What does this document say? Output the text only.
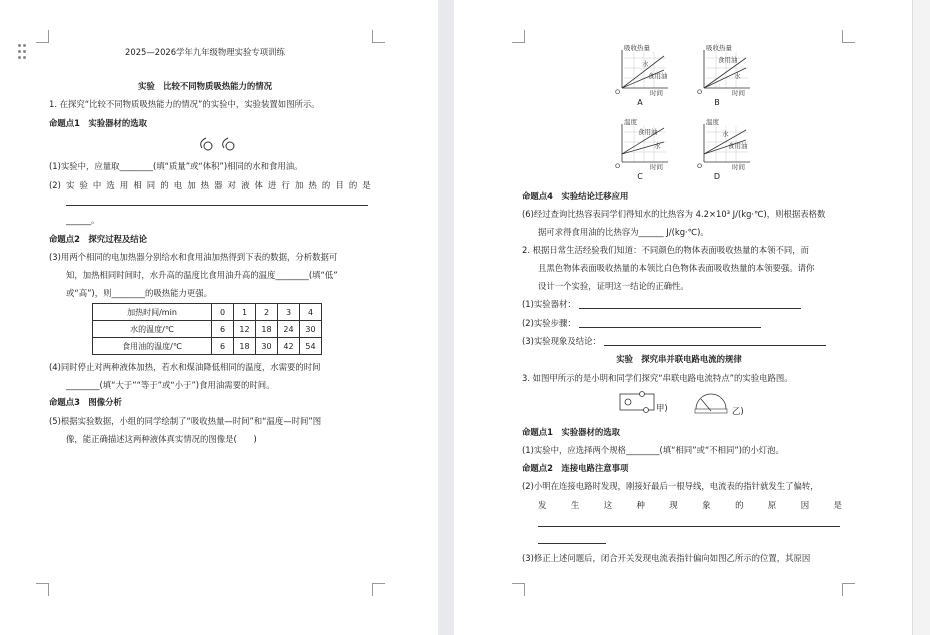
2025—2026学年九年级物理实验专项训练
实验　比较不同物质吸热能力的情况
1. 在探究“比较不同物质吸热能力的情况”的实验中，实验装置如图所示。
命题点1　实验器材的选取
(1)实验中，应量取________(填“质量”或“体积”)相同的水和食用油。
(2) 实 验 中 选 用 相 同 的 电 加 热 器 对 液 体 进 行 加 热 的 目 的 是
______。
命题点2　探究过程及结论
(3)用两个相同的电加热器分别给水和食用油加热得到下表的数据，分析数据可
知，加热相同时间时，水升高的温度比食用油升高的温度________(填“低”
或“高”)，则________的吸热能力更强。
加热时间/min	0	1	2	3	4
水的温度/℃	6	12	18	24	30
食用油的温度/℃	6	18	30	42	54
(4)同时停止对两种液体加热，若水和煤油降低相同的温度，水需要的时间
________(填“大于”“等于”或“小于”)食用油需要的时间。
命题点3　图像分析
(5)根据实验数据，小组的同学绘制了“吸收热量—时间”和“温度—时间”图
像，能正确描述这两种液体真实情况的图像是(　　)
吸收热量
O	时间
水
食用油
A
吸收热量
O	时间
食用油
水
B
温度
O	时间
食用油
水
C
温度
O	时间
水
食用油
D
命题点4　实验结论迁移应用
(6)经过查询比热容表同学们得知水的比热容为 4.2×10³ J/(kg·℃)，则根据表格数
据可求得食用油的比热容为______ J/(kg·℃)。
2. 根据日常生活经验我们知道：不同颜色的物体表面吸收热量的本领不同，而
且黑色物体表面吸收热量的本领比白色物体表面吸收热量的本领要强。请你
设计一个实验，证明这一结论的正确性。
(1)实验器材：
(2)实验步骤：
(3)实验现象及结论：
实验　探究串并联电路电流的规律
3. 如图甲所示的是小明和同学们探究“串联电路电流特点”的实验电路图。
甲)	乙)
命题点1　实验器材的选取
(1)实验中，应选择两个规格________(填“相同”或“不相同”)的小灯泡。
命题点2　连接电路注意事项
(2)小明在连接电路时发现，刚接好最后一根导线，电流表的指针就发生了偏转，
发	生	这	种	现	象	的	原	因	是
(3)修正上述问题后，闭合开关发现电流表指针偏向如图乙所示的位置，其原因
